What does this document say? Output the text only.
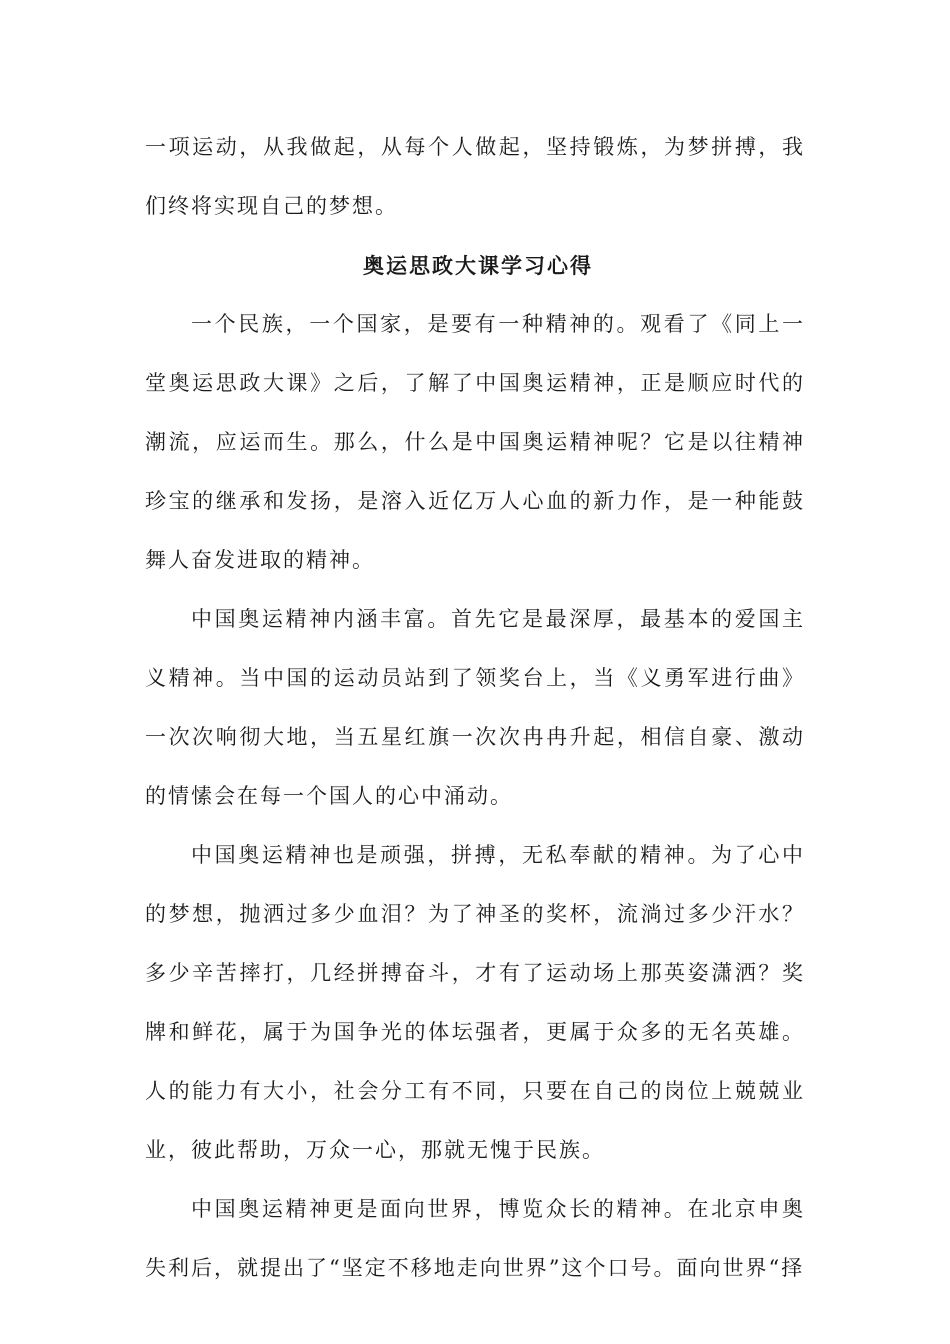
一项运动，从我做起，从每个人做起，坚持锻炼，为梦拼搏，我们终将实现自己的梦想。

奥运思政大课学习心得

一个民族，一个国家，是要有一种精神的。观看了《同上一堂奥运思政大课》之后，了解了中国奥运精神，正是顺应时代的潮流，应运而生。那么，什么是中国奥运精神呢？它是以往精神珍宝的继承和发扬，是溶入近亿万人心血的新力作，是一种能鼓舞人奋发进取的精神。

中国奥运精神内涵丰富。首先它是最深厚，最基本的爱国主义精神。当中国的运动员站到了领奖台上，当《义勇军进行曲》一次次响彻大地，当五星红旗一次次冉冉升起，相信自豪、激动的情愫会在每一个国人的心中涌动。

中国奥运精神也是顽强，拼搏，无私奉献的精神。为了心中的梦想，抛洒过多少血泪？为了神圣的奖杯，流淌过多少汗水？多少辛苦摔打，几经拼搏奋斗，才有了运动场上那英姿潇洒？奖牌和鲜花，属于为国争光的体坛强者，更属于众多的无名英雄。人的能力有大小，社会分工有不同，只要在自己的岗位上兢兢业业，彼此帮助，万众一心，那就无愧于民族。

中国奥运精神更是面向世界，博览众长的精神。在北京申奥失利后，就提出了“坚定不移地走向世界”这个口号。面向世界“择
